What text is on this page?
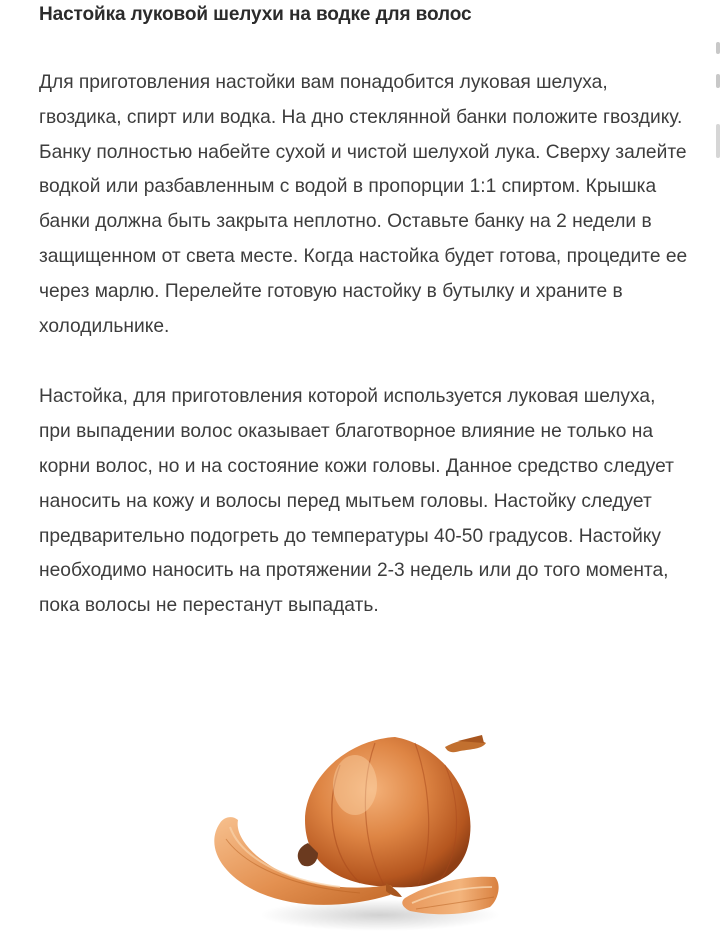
Настойка луковой шелухи на водке для волос

Для приготовления настойки вам понадобится луковая шелуха, гвоздика, спирт или водка. На дно стеклянной банки положите гвоздику. Банку полностью набейте сухой и чистой шелухой лука. Сверху залейте водкой или разбавленным с водой в пропорции 1:1 спиртом. Крышка банки должна быть закрыта неплотно. Оставьте банку на 2 недели в защищенном от света месте. Когда настойка будет готова, процедите ее через марлю. Перелейте готовую настойку в бутылку и храните в холодильнике.

Настойка, для приготовления которой используется луковая шелуха, при выпадении волос оказывает благотворное влияние не только на корни волос, но и на состояние кожи головы. Данное средство следует наносить на кожу и волосы перед мытьем головы. Настойку следует предварительно подогреть до температуры 40-50 градусов. Настойку необходимо наносить на протяжении 2-3 недель или до того момента, пока волосы не перестанут выпадать.
